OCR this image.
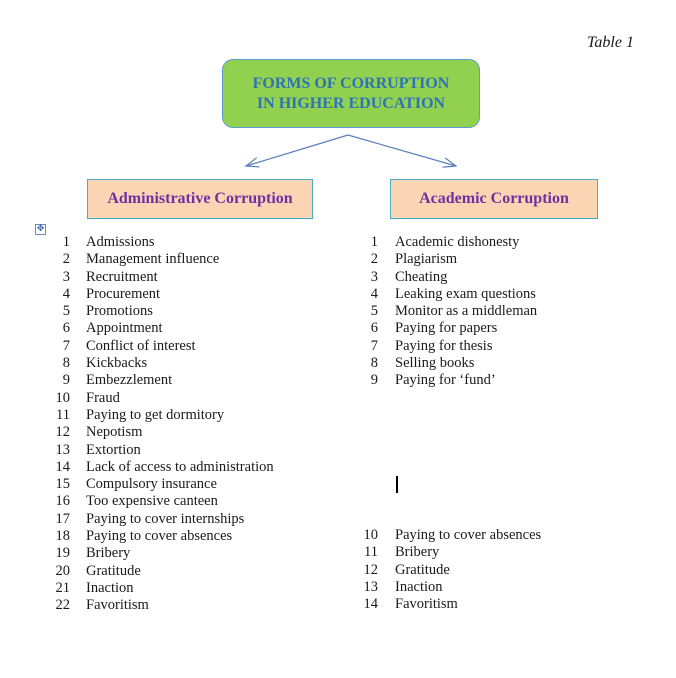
Table 1
FORMS OF CORRUPTION
IN HIGHER EDUCATION
Administrative Corruption	Academic Corruption
✥
1 Admissions
2 Management influence
3 Recruitment
4 Procurement
5 Promotions
6 Appointment
7 Conflict of interest
8 Kickbacks
9 Embezzlement
10 Fraud
11 Paying to get dormitory
12 Nepotism
13 Extortion
14 Lack of access to administration
15 Compulsory insurance
16 Too expensive canteen
17 Paying to cover internships
18 Paying to cover absences
19 Bribery
20 Gratitude
21 Inaction
22 Favoritism
1 Academic dishonesty
2 Plagiarism
3 Cheating
4 Leaking exam questions
5 Monitor as a middleman
6 Paying for papers
7 Paying for thesis
8 Selling books
9 Paying for ‘fund’
10 Paying to cover absences
11 Bribery
12 Gratitude
13 Inaction
14 Favoritism
